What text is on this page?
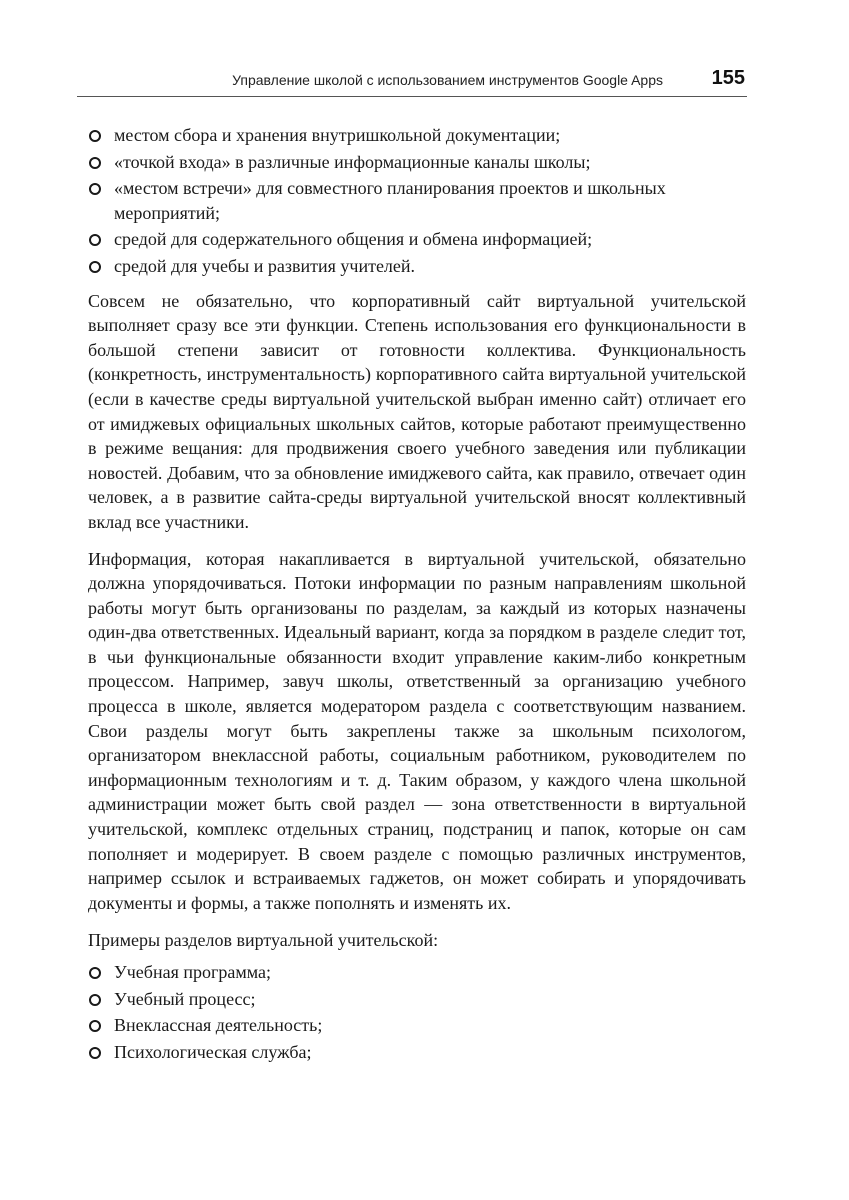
Управление школой с использованием инструментов Google Apps 155
местом сбора и хранения внутришкольной документации;
«точкой входа» в различные информационные каналы школы;
«местом встречи» для совместного планирования проектов и школьных мероприятий;
средой для содержательного общения и обмена информацией;
средой для учебы и развития учителей.

Совсем не обязательно, что корпоративный сайт виртуальной учительской выполняет сразу все эти функции. Степень использования его функциональности в большой степени зависит от готовности коллектива. Функциональность (конкретность, инструментальность) корпоративного сайта виртуальной учительской (если в качестве среды виртуальной учительской выбран именно сайт) отличает его от имиджевых официальных школьных сайтов, которые работают преимущественно в режиме вещания: для продвижения своего учебного заведения или публикации новостей. Добавим, что за обновление имиджевого сайта, как правило, отвечает один человек, а в развитие сайта-среды виртуальной учительской вносят коллективный вклад все участники.

Информация, которая накапливается в виртуальной учительской, обязательно должна упорядочиваться. Потоки информации по разным направлениям школьной работы могут быть организованы по разделам, за каждый из которых назначены один-два ответственных. Идеальный вариант, когда за порядком в разделе следит тот, в чьи функциональные обязанности входит управление каким-либо конкретным процессом. Например, завуч школы, ответственный за организацию учебного процесса в школе, является модератором раздела с соответствующим названием. Свои разделы могут быть закреплены также за школьным психологом, организатором внеклассной работы, социальным работником, руководителем по информационным технологиям и т. д. Таким образом, у каждого члена школьной администрации может быть свой раздел — зона ответственности в виртуальной учительской, комплекс отдельных страниц, подстраниц и папок, которые он сам пополняет и модерирует. В своем разделе с помощью различных инструментов, например ссылок и встраиваемых гаджетов, он может собирать и упорядочивать документы и формы, а также пополнять и изменять их.

Примеры разделов виртуальной учительской:

Учебная программа;
Учебный процесс;
Внеклассная деятельность;
Психологическая служба;
